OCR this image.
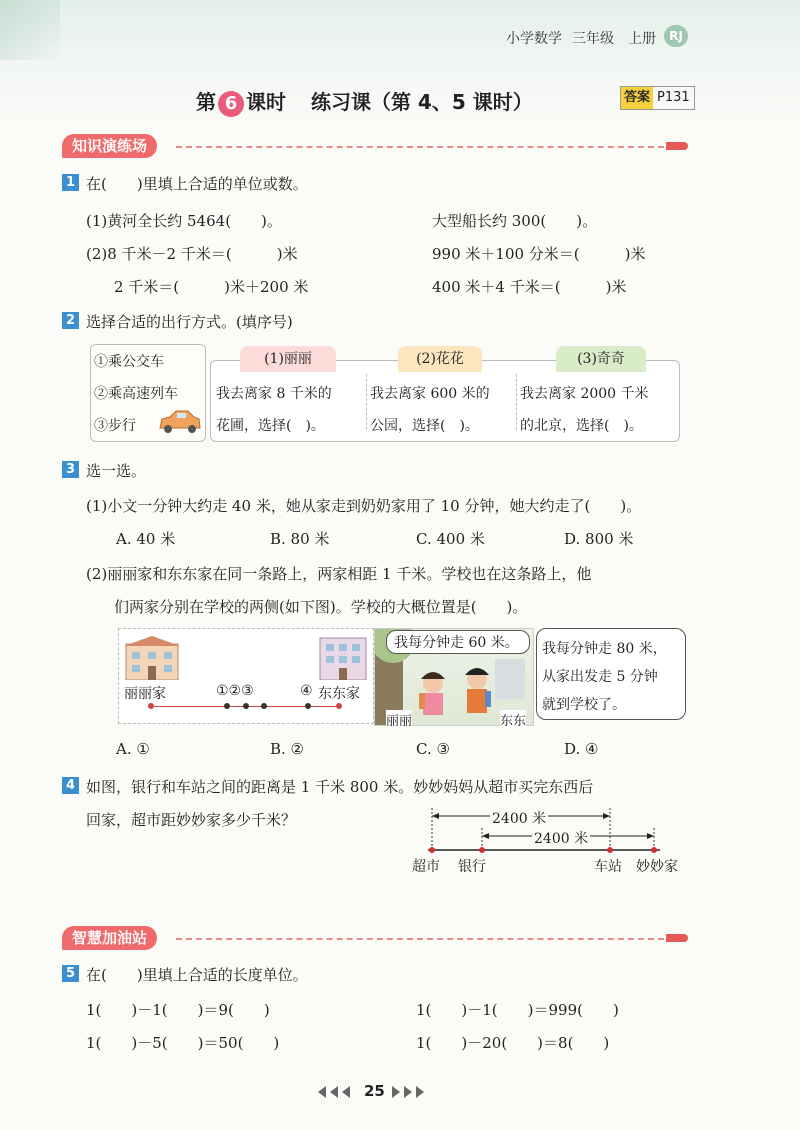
小学数学 三年级 上册	RJ
第 6 课时 练习课（第 4、5 课时）	答案 P131
知识演练场
1 在(　　)里填上合适的单位或数。
(1)黄河全长约 5464(　　)。	大型船长约 300(　　)。
(2)8 千米－2 千米＝(　　　)米	990 米＋100 分米＝(　　　)米
2 千米＝(　　　)米＋200 米	400 米＋4 千米＝(　　　)米
2 选择合适的出行方式。(填序号)
①乘公交车
②乘高速列车
③步行
(1)丽丽	(2)花花	(3)奇奇
我去离家 8 千米的
花圃，选择(　)。
我去离家 600 米的
公园，选择(　)。
我去离家 2000 千米
的北京，选择(　)。
3 选一选。
(1)小文一分钟大约走 40 米，她从家走到奶奶家用了 10 分钟，她大约走了(　　)。
A. 40 米	B. 80 米	C. 400 米	D. 800 米
(2)丽丽家和东东家在同一条路上，两家相距 1 千米。学校也在这条路上，他
们两家分别在学校的两侧(如下图)。学校的大概位置是(　　)。
丽丽家	①②③	④ 东东家
我每分钟走 60 米。
丽丽	东东
我每分钟走 80 米，
从家出发走 5 分钟
就到学校了。
A. ①	B. ②	C. ③	D. ④
4 如图，银行和车站之间的距离是 1 千米 800 米。妙妙妈妈从超市买完东西后
回家，超市距妙妙家多少千米？	2400 米
2400 米
超市 银行	车站 妙妙家
智慧加油站
5 在(　　)里填上合适的长度单位。
1(　　)－1(　　)＝9(　　)	1(　　)－1(　　)＝999(　　)
1(　　)－5(　　)＝50(　　)	1(　　)－20(　　)＝8(　　)
25
